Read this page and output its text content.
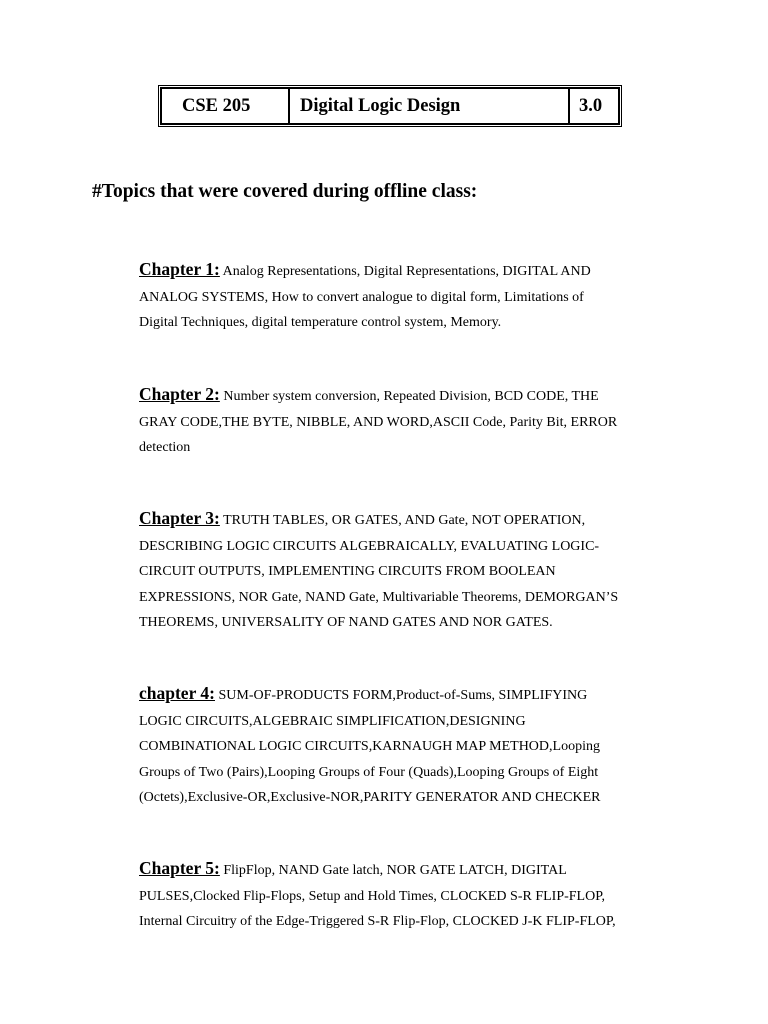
CSE 205	Digital Logic Design	3.0
#Topics that were covered during offline class:

Chapter 1: Analog Representations, Digital Representations, DIGITAL AND
ANALOG SYSTEMS, How to convert analogue to digital form, Limitations of
Digital Techniques, digital temperature control system, Memory.

Chapter 2: Number system conversion, Repeated Division, BCD CODE, THE
GRAY CODE,THE BYTE, NIBBLE, AND WORD,ASCII Code, Parity Bit, ERROR
detection

Chapter 3: TRUTH TABLES, OR GATES, AND Gate, NOT OPERATION,
DESCRIBING LOGIC CIRCUITS ALGEBRAICALLY, EVALUATING LOGIC-
CIRCUIT OUTPUTS, IMPLEMENTING CIRCUITS FROM BOOLEAN
EXPRESSIONS, NOR Gate, NAND Gate, Multivariable Theorems, DEMORGAN’S
THEOREMS, UNIVERSALITY OF NAND GATES AND NOR GATES.

chapter 4: SUM-OF-PRODUCTS FORM,Product-of-Sums, SIMPLIFYING
LOGIC CIRCUITS,ALGEBRAIC SIMPLIFICATION,DESIGNING
COMBINATIONAL LOGIC CIRCUITS,KARNAUGH MAP METHOD,Looping
Groups of Two (Pairs),Looping Groups of Four (Quads),Looping Groups of Eight
(Octets),Exclusive-OR,Exclusive-NOR,PARITY GENERATOR AND CHECKER

Chapter 5: FlipFlop, NAND Gate latch, NOR GATE LATCH, DIGITAL
PULSES,Clocked Flip-Flops, Setup and Hold Times, CLOCKED S-R FLIP-FLOP,
Internal Circuitry of the Edge-Triggered S-R Flip-Flop, CLOCKED J-K FLIP-FLOP,
